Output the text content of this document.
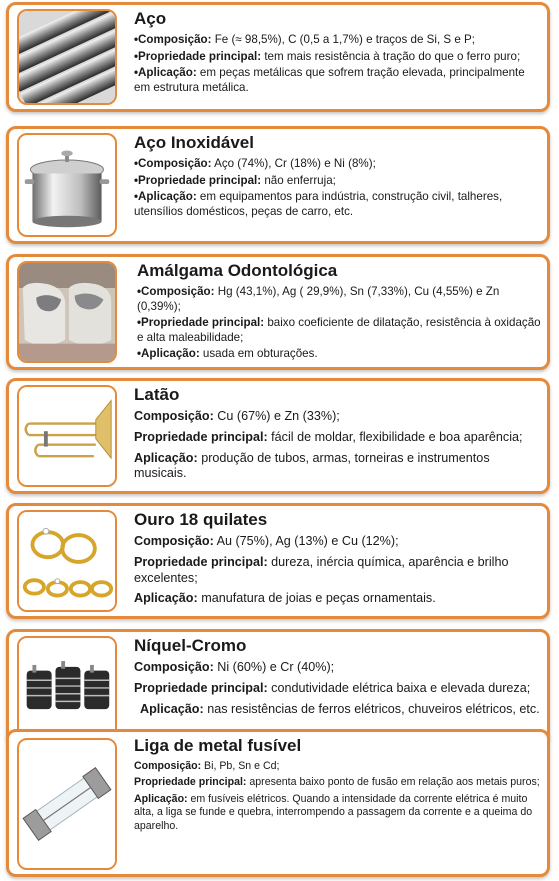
Aço
•Composição: Fe (≈ 98,5%), C (0,5 a 1,7%) e traços de Si, S e P;
•Propriedade principal: tem mais resistência à tração do que o ferro puro;
•Aplicação: em peças metálicas que sofrem tração elevada, principalmente em estrutura metálica.
Aço Inoxidável
•Composição: Aço (74%), Cr (18%) e Ni (8%);
•Propriedade principal: não enferruja;
•Aplicação: em equipamentos para indústria, construção civil, talheres, utensílios domésticos, peças de carro, etc.
Amálgama Odontológica
•Composição: Hg (43,1%), Ag ( 29,9%), Sn (7,33%), Cu (4,55%) e Zn (0,39%);
•Propriedade principal: baixo coeficiente de dilatação, resistência à oxidação e alta maleabilidade;
•Aplicação: usada em obturações.
Latão
Composição: Cu (67%) e Zn (33%);
Propriedade principal: fácil de moldar, flexibilidade e boa aparência;
Aplicação: produção de tubos, armas, torneiras e instrumentos musicais.
Ouro 18 quilates
Composição: Au (75%), Ag (13%) e Cu (12%);
Propriedade principal: dureza, inércia química, aparência e brilho excelentes;
Aplicação: manufatura de joias e peças ornamentais.
Níquel-Cromo
Composição: Ni (60%) e Cr (40%);
Propriedade principal: condutividade elétrica baixa e elevada dureza;
Aplicação: nas resistências de ferros elétricos, chuveiros elétricos, etc.
Liga de metal fusível
Composição: Bi, Pb, Sn e Cd;
Propriedade principal: apresenta baixo ponto de fusão em relação aos metais puros;
Aplicação: em fusíveis elétricos. Quando a intensidade da corrente elétrica é muito alta, a liga se funde e quebra, interrompendo a passagem da corrente e a queima do aparelho.
